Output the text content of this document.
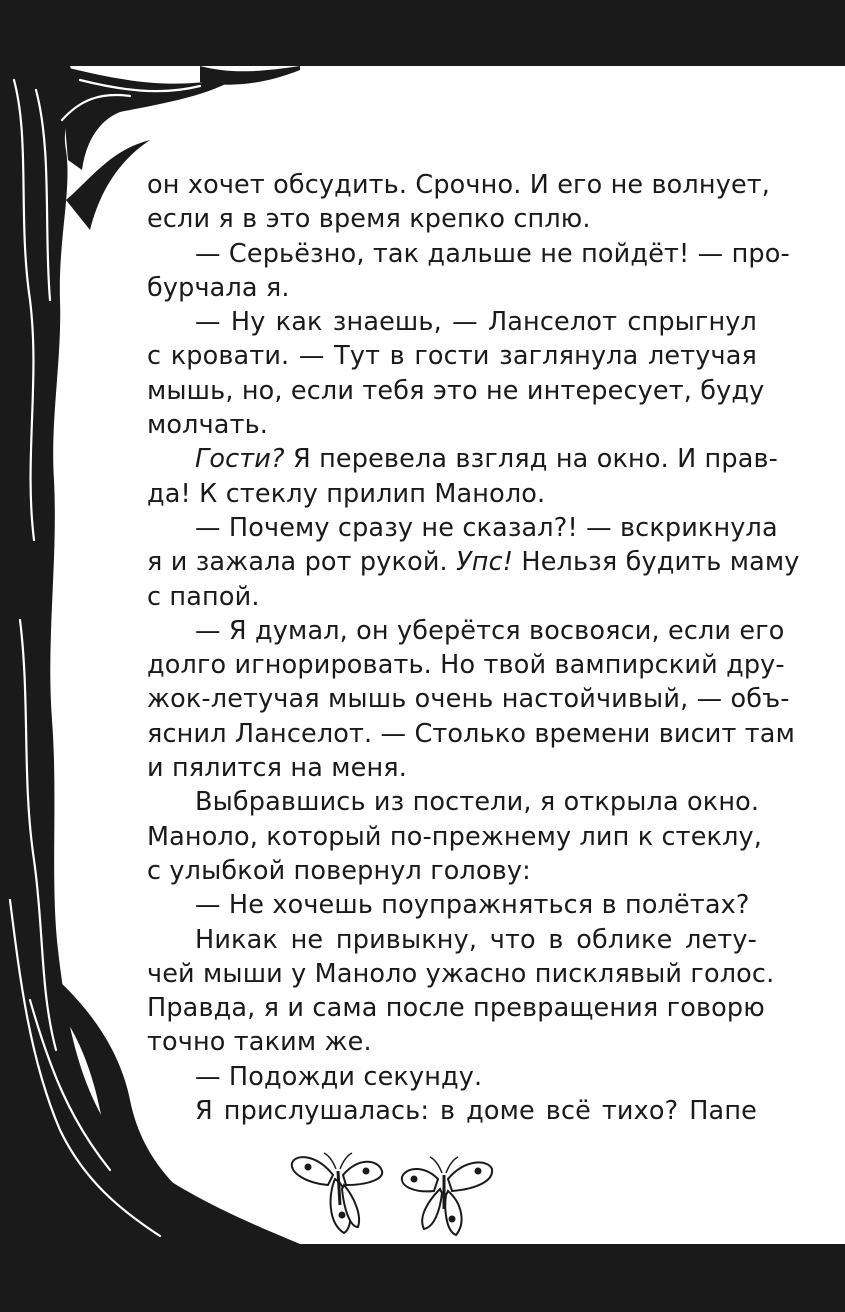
он хочет обсудить. Срочно. И его не волнует,
если я в это время крепко сплю.
— Серьёзно, так дальше не пойдёт! — про-
бурчала я.
— Ну как знаешь, — Ланселот спрыгнул
с кровати. — Тут в гости заглянула летучая
мышь, но, если тебя это не интересует, буду
молчать.
Гости? Я перевела взгляд на окно. И прав-
да! К стеклу прилип Маноло.
— Почему сразу не сказал?! — вскрикнула
я и зажала рот рукой. Упс! Нельзя будить маму
с папой.
— Я думал, он уберётся восвояси, если его
долго игнорировать. Но твой вампирский дру-
жок-летучая мышь очень настойчивый, — объ-
яснил Ланселот. — Столько времени висит там
и пялится на меня.
Выбравшись из постели, я открыла окно.
Маноло, который по-прежнему лип к стеклу,
с улыбкой повернул голову:
— Не хочешь поупражняться в полётах?
Никак не привыкну, что в облике лету-
чей мыши у Маноло ужасно писклявый голос.
Правда, я и сама после превращения говорю
точно таким же.
— Подожди секунду.
Я прислушалась: в доме всё тихо? Папе
